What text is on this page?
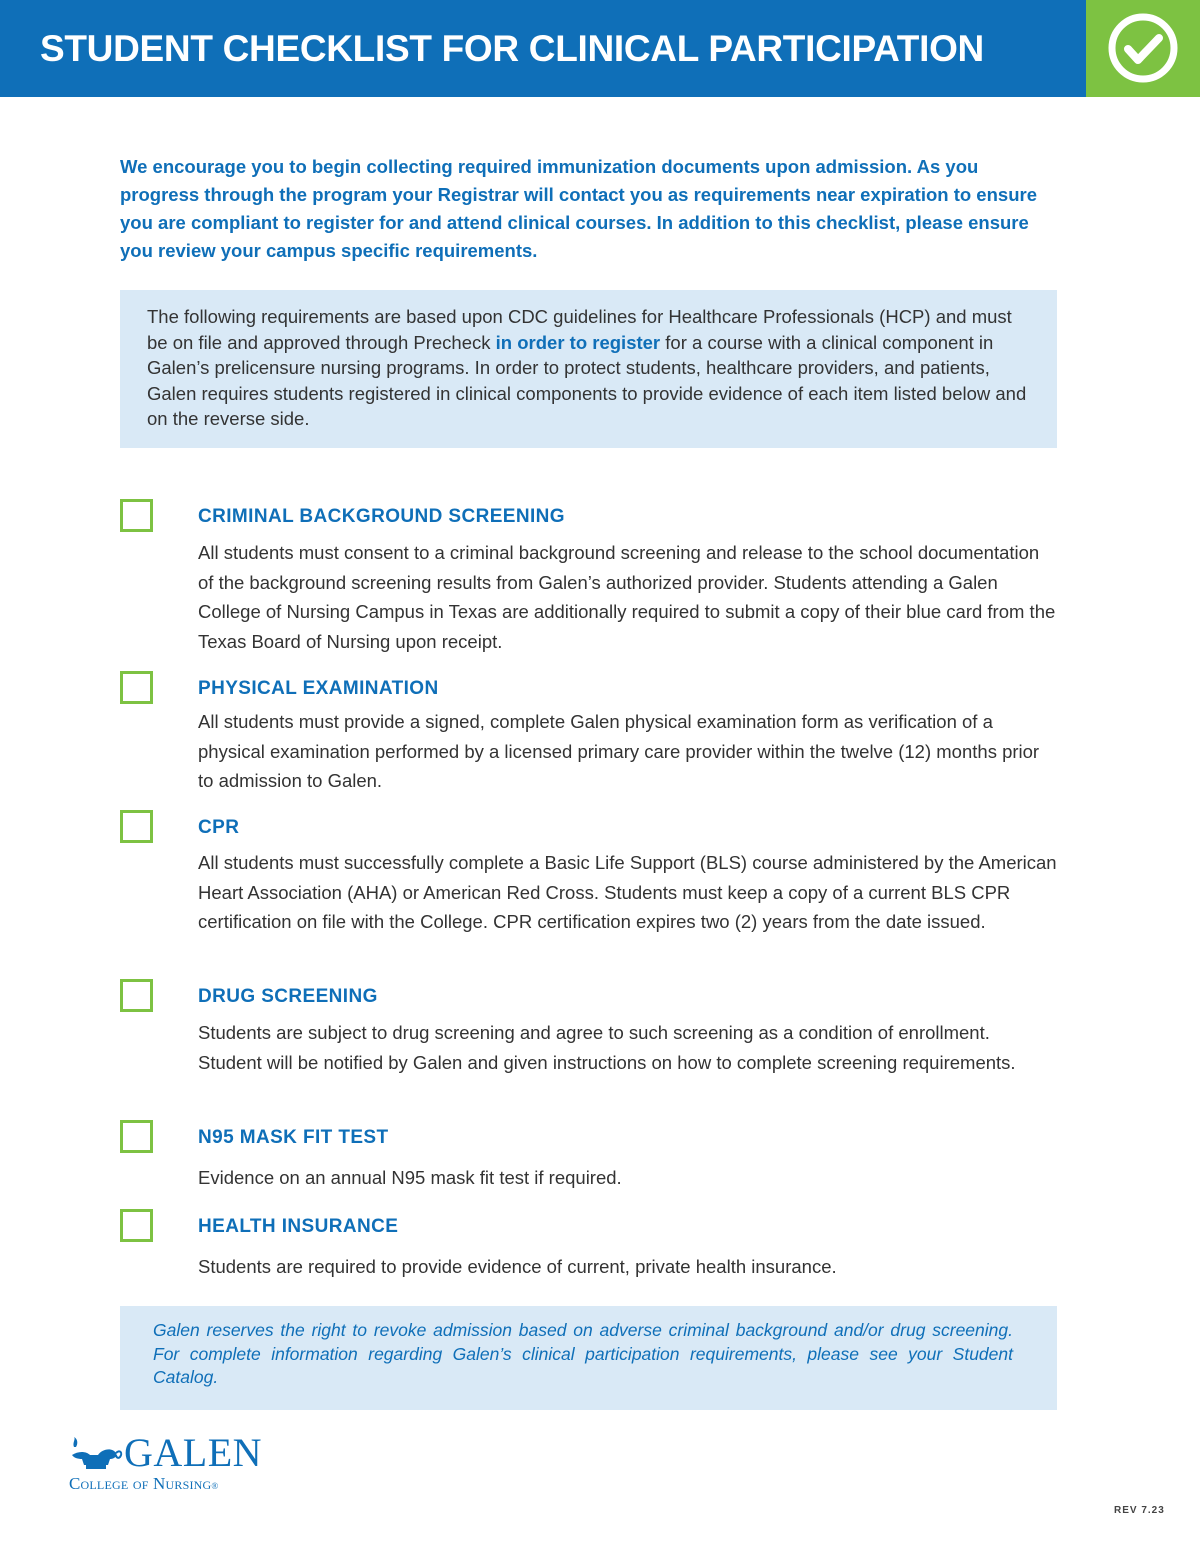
STUDENT CHECKLIST FOR CLINICAL PARTICIPATION
We encourage you to begin collecting required immunization documents upon admission. As you progress through the program your Registrar will contact you as requirements near expiration to ensure you are compliant to register for and attend clinical courses. In addition to this checklist, please ensure you review your campus specific requirements.
The following requirements are based upon CDC guidelines for Healthcare Professionals (HCP) and must be on file and approved through Precheck in order to register for a course with a clinical component in Galen’s prelicensure nursing programs. In order to protect students, healthcare providers, and patients, Galen requires students registered in clinical components to provide evidence of each item listed below and on the reverse side.
CRIMINAL BACKGROUND SCREENING
All students must consent to a criminal background screening and release to the school documentation of the background screening results from Galen’s authorized provider. Students attending a Galen College of Nursing Campus in Texas are additionally required to submit a copy of their blue card from the Texas Board of Nursing upon receipt.
PHYSICAL EXAMINATION
All students must provide a signed, complete Galen physical examination form as verification of a physical examination performed by a licensed primary care provider within the twelve (12) months prior to admission to Galen.
CPR
All students must successfully complete a Basic Life Support (BLS) course administered by the American Heart Association (AHA) or American Red Cross. Students must keep a copy of a current BLS CPR certification on file with the College. CPR certification expires two (2) years from the date issued.
DRUG SCREENING
Students are subject to drug screening and agree to such screening as a condition of enrollment. Student will be notified by Galen and given instructions on how to complete screening requirements.
N95 MASK FIT TEST
Evidence on an annual N95 mask fit test if required.
HEALTH INSURANCE
Students are required to provide evidence of current, private health insurance.
Galen reserves the right to revoke admission based on adverse criminal background and/or drug screening. For complete information regarding Galen’s clinical participation requirements, please see your Student Catalog.
GALEN
College of Nursing®
REV 7.23
